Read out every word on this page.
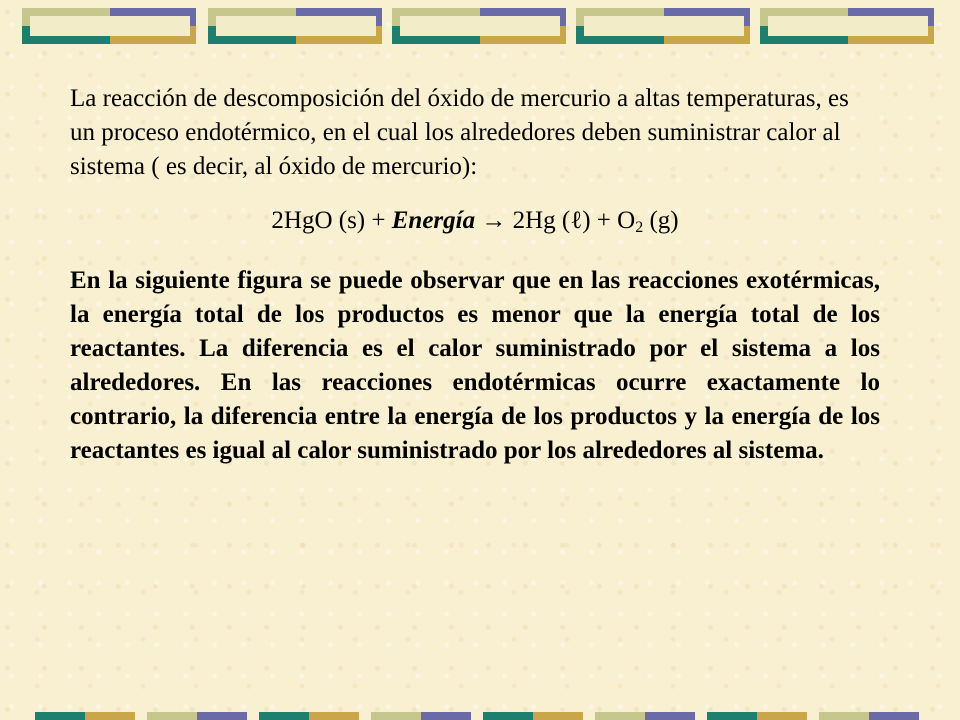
La reacción de descomposición del óxido de mercurio a altas temperaturas, es un proceso endotérmico, en el cual los alrededores deben suministrar calor al sistema ( es decir, al óxido de mercurio):

2HgO (s) + Energía → 2Hg (ℓ) + $O_2$ (g)

En la siguiente figura se puede observar que en las reacciones exotérmicas, la energía total de los productos es menor que la energía total de los reactantes. La diferencia es el calor suministrado por el sistema a los alrededores. En las reacciones endotérmicas ocurre exactamente lo contrario, la diferencia entre la energía de los productos y la energía de los reactantes es igual al calor suministrado por los alrededores al sistema.
